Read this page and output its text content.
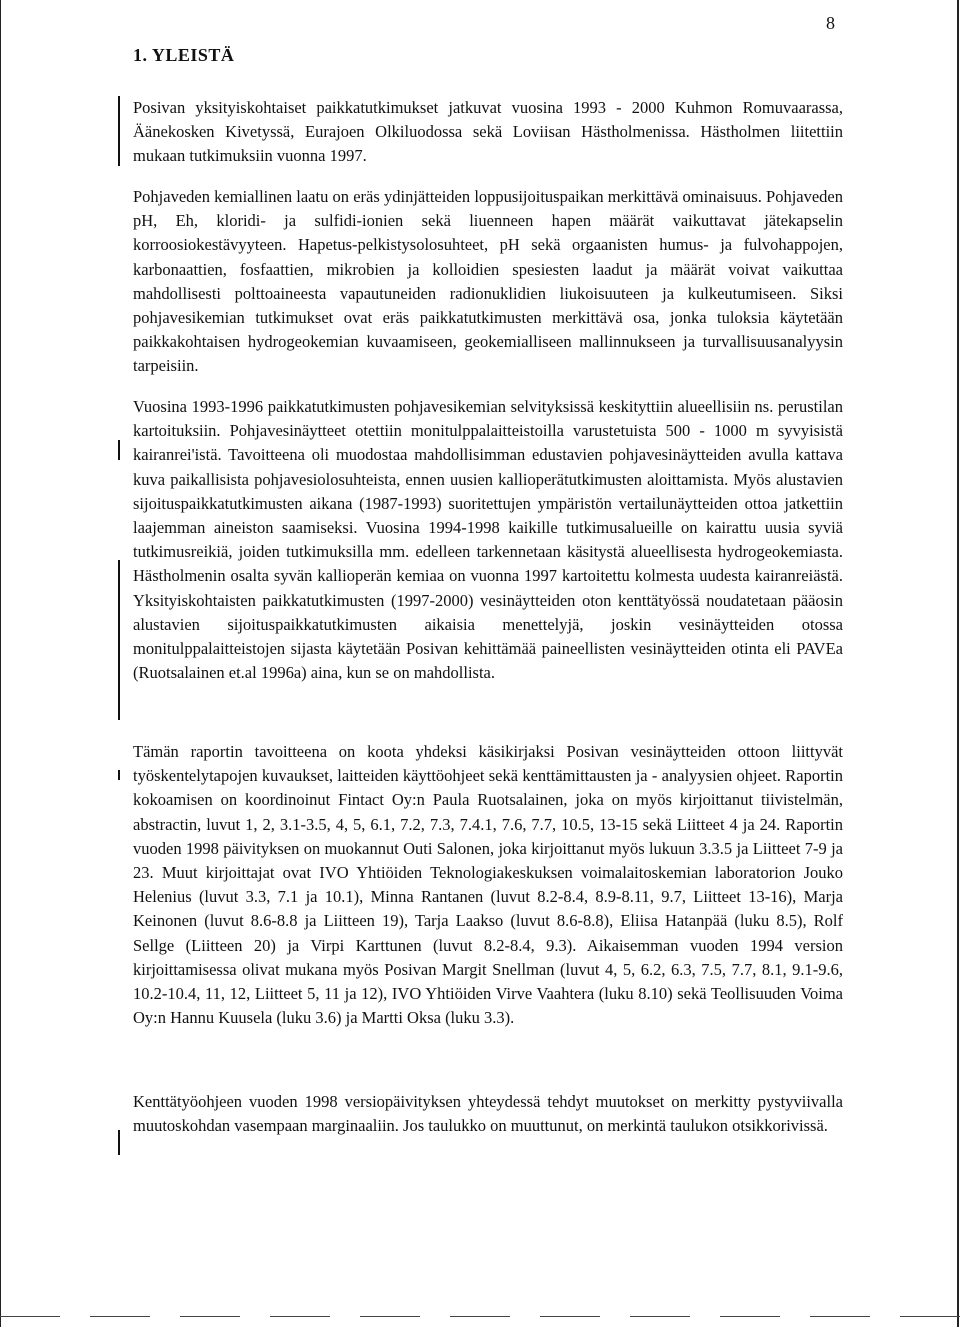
8
1. YLEISTÄ
Posivan yksityiskohtaiset paikkatutkimukset jatkuvat vuosina 1993 - 2000 Kuhmon Romuvaarassa, Äänekosken Kivetyssä, Eurajoen Olkiluodossa sekä Loviisan Hästholmenissa. Hästholmen liitettiin mukaan tutkimuksiin vuonna 1997.
Pohjaveden kemiallinen laatu on eräs ydinjätteiden loppusijoituspaikan merkittävä ominaisuus. Pohjaveden pH, Eh, kloridi- ja sulfidi-ionien sekä liuenneen hapen määrät vaikuttavat jätekapselin korroosiokestävyyteen. Hapetus-pelkistysolosuhteet, pH sekä orgaanisten humus- ja fulvohappojen, karbonaattien, fosfaattien, mikrobien ja kolloidien spesiesten laadut ja määrät voivat vaikuttaa mahdollisesti polttoaineesta vapautuneiden radionuklidien liukoisuuteen ja kulkeutumiseen. Siksi pohjavesikemian tutkimukset ovat eräs paikkatutkimusten merkittävä osa, jonka tuloksia käytetään paikkakohtaisen hydrogeokemian kuvaamiseen, geokemialliseen mallinnukseen ja turvallisuusanalyysin tarpeisiin.
Vuosina 1993-1996 paikkatutkimusten pohjavesikemian selvityksissä keskityttiin alueellisiin ns. perustilan kartoituksiin. Pohjavesinäytteet otettiin monitulppalaitteistoilla varustetuista 500 - 1000 m syvyisistä kairanrei'istä. Tavoitteena oli muodostaa mahdollisimman edustavien pohjavesinäytteiden avulla kattava kuva paikallisista pohjavesiolosuhteista, ennen uusien kallioperätutkimusten aloittamista. Myös alustavien sijoituspaikkatutkimusten aikana (1987-1993) suoritettujen ympäristön vertailunäytteiden ottoa jatkettiin laajemman aineiston saamiseksi. Vuosina 1994-1998 kaikille tutkimusalueille on kairattu uusia syviä tutkimusreikiä, joiden tutkimuksilla mm. edelleen tarkennetaan käsitystä alueellisesta hydrogeokemiasta. Hästholmenin osalta syvän kallioperän kemiaa on vuonna 1997 kartoitettu kolmesta uudesta kairanreiästä. Yksityiskohtaisten paikkatutkimusten (1997-2000) vesinäytteiden oton kenttätyössä noudatetaan pääosin alustavien sijoituspaikkatutkimusten aikaisia menettelyjä, joskin vesinäytteiden otossa monitulppalaitteistojen sijasta käytetään Posivan kehittämää paineellisten vesinäytteiden otinta eli PAVEa (Ruotsalainen et.al 1996a) aina, kun se on mahdollista.
Tämän raportin tavoitteena on koota yhdeksi käsikirjaksi Posivan vesinäytteiden ottoon liittyvät työskentelytapojen kuvaukset, laitteiden käyttöohjeet sekä kenttämittausten ja - analyysien ohjeet. Raportin kokoamisen on koordinoinut Fintact Oy:n Paula Ruotsalainen, joka on myös kirjoittanut tiivistelmän, abstractin, luvut 1, 2, 3.1-3.5, 4, 5, 6.1, 7.2, 7.3, 7.4.1, 7.6, 7.7, 10.5, 13-15 sekä Liitteet 4 ja 24. Raportin vuoden 1998 päivityksen on muokannut Outi Salonen, joka kirjoittanut myös lukuun 3.3.5 ja Liitteet 7-9 ja 23. Muut kirjoittajat ovat IVO Yhtiöiden Teknologiakeskuksen voimalaitoskemian laboratorion Jouko Helenius (luvut 3.3, 7.1 ja 10.1), Minna Rantanen (luvut 8.2-8.4, 8.9-8.11, 9.7, Liitteet 13-16), Marja Keinonen (luvut 8.6-8.8 ja Liitteen 19), Tarja Laakso (luvut 8.6-8.8), Eliisa Hatanpää (luku 8.5), Rolf Sellge (Liitteen 20) ja Virpi Karttunen (luvut 8.2-8.4, 9.3). Aikaisemman vuoden 1994 version kirjoittamisessa olivat mukana myös Posivan Margit Snellman (luvut 4, 5, 6.2, 6.3, 7.5, 7.7, 8.1, 9.1-9.6, 10.2-10.4, 11, 12, Liitteet 5, 11 ja 12), IVO Yhtiöiden Virve Vaahtera (luku 8.10) sekä Teollisuuden Voima Oy:n Hannu Kuusela (luku 3.6) ja Martti Oksa (luku 3.3).
Kenttätyöohjeen vuoden 1998 versiopäivityksen yhteydessä tehdyt muutokset on merkitty pystyviivalla muutoskohdan vasempaan marginaaliin. Jos taulukko on muuttunut, on merkintä taulukon otsikkorivissä.
